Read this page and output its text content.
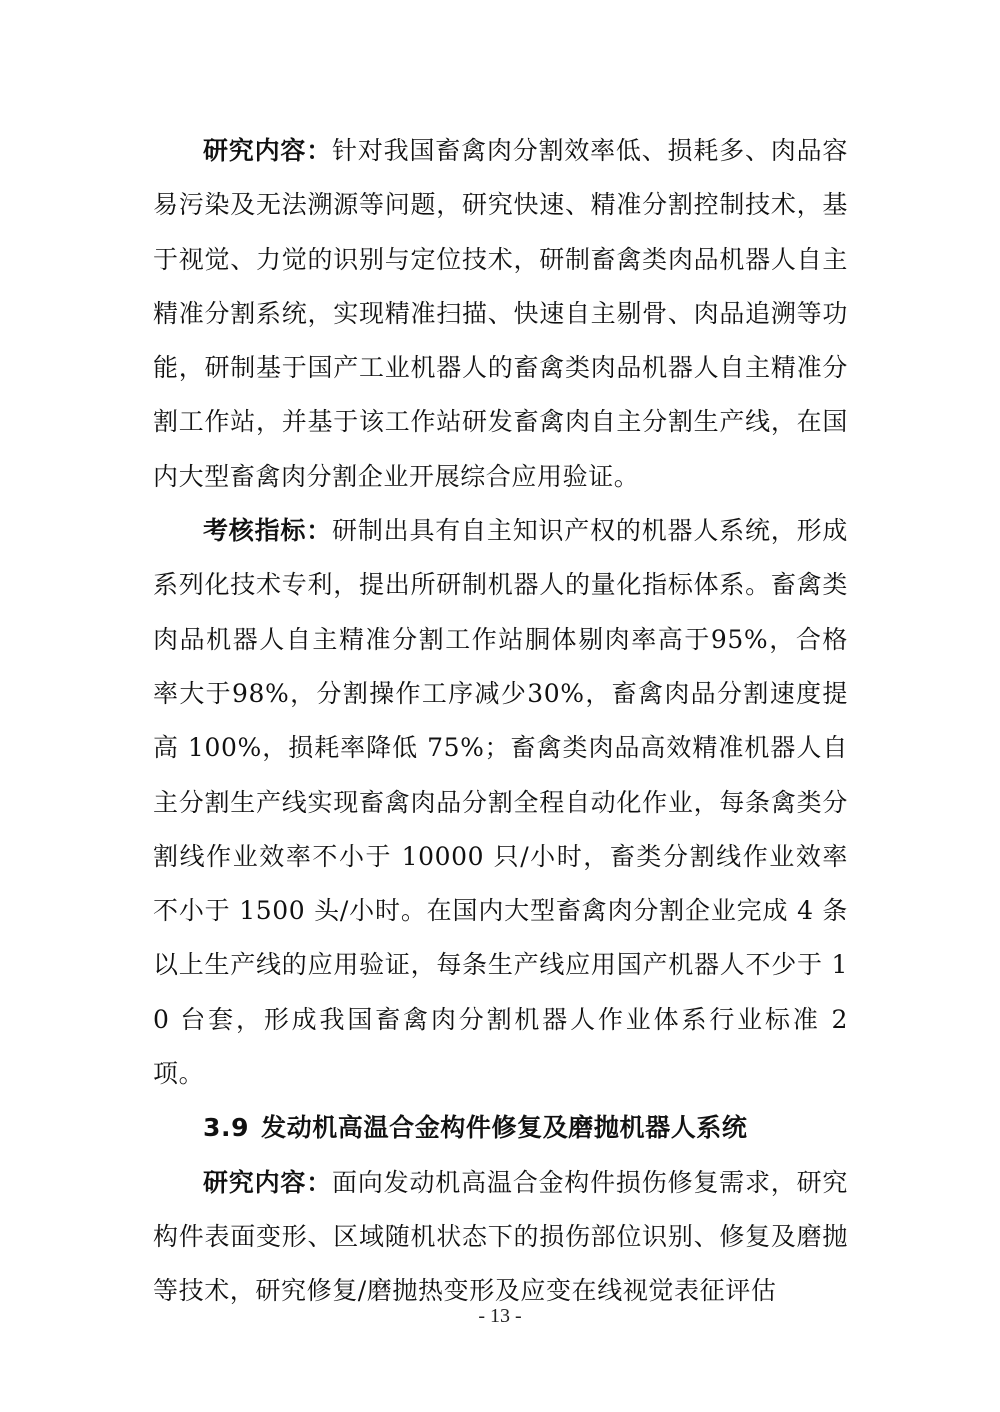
研究内容：针对我国畜禽肉分割效率低、损耗多、肉品容易污染及无法溯源等问题，研究快速、精准分割控制技术，基于视觉、力觉的识别与定位技术，研制畜禽类肉品机器人自主精准分割系统，实现精准扫描、快速自主剔骨、肉品追溯等功能，研制基于国产工业机器人的畜禽类肉品机器人自主精准分割工作站，并基于该工作站研发畜禽肉自主分割生产线，在国内大型畜禽肉分割企业开展综合应用验证。

考核指标：研制出具有自主知识产权的机器人系统，形成系列化技术专利，提出所研制机器人的量化指标体系。畜禽类肉品机器人自主精准分割工作站胴体剔肉率高于95%，合格率大于98%，分割操作工序减少30%，畜禽肉品分割速度提高 100%，损耗率降低 75%；畜禽类肉品高效精准机器人自主分割生产线实现畜禽肉品分割全程自动化作业，每条禽类分割线作业效率不小于 10000 只/小时，畜类分割线作业效率不小于 1500 头/小时。在国内大型畜禽肉分割企业完成 4 条以上生产线的应用验证，每条生产线应用国产机器人不少于 10 台套，形成我国畜禽肉分割机器人作业体系行业标准 2 项。

3.9 发动机高温合金构件修复及磨抛机器人系统

研究内容：面向发动机高温合金构件损伤修复需求，研究构件表面变形、区域随机状态下的损伤部位识别、修复及磨抛等技术，研究修复/磨抛热变形及应变在线视觉表征评估

- 13 -
